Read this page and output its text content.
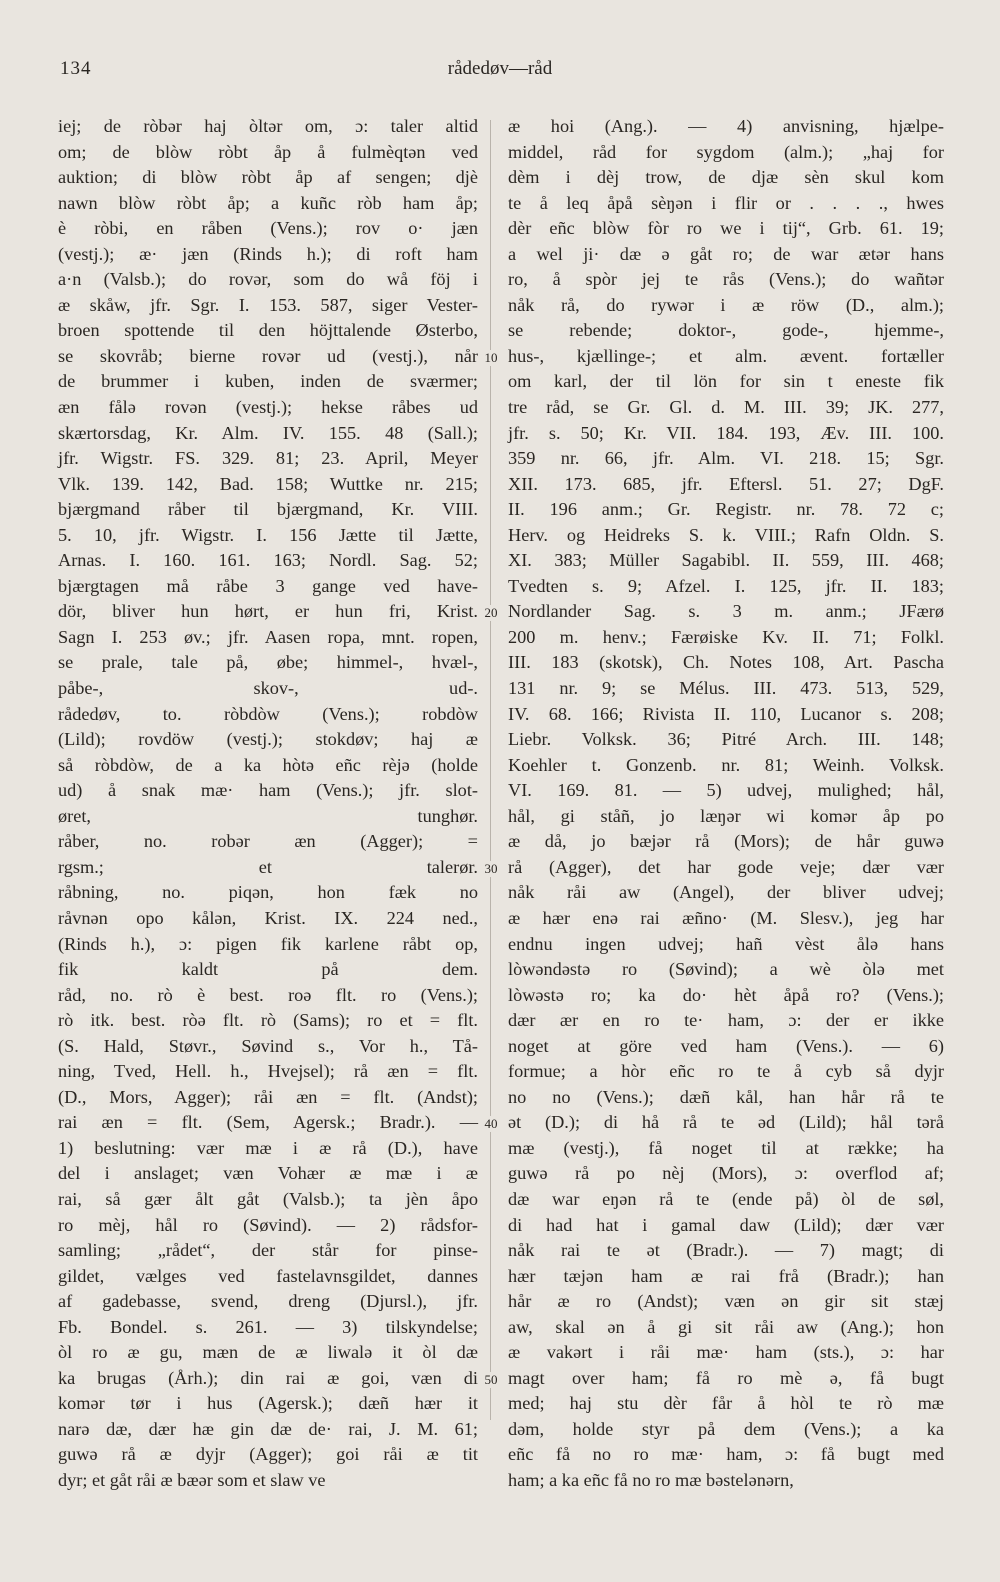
134	rådedøv—råd
iej; de ròbər haj òltər om, ɔ: taler altid
om; de blòw ròbt åp å fulmèqtən ved
auktion; di blòw ròbt åp af sengen; djè
nawn blòw ròbt åp; a kuñc ròb ham åp;
è ròbi, en råben (Vens.); rov o· jæn
(vestj.); æ· jæn (Rinds h.); di roft ham
a·n (Valsb.); do rovər, som do wå föj i
æ skåw, jfr. Sgr. I. 153. 587, siger Vester-
broen spottende til den höjttalende Østerbo,
se skovråb; bierne rovər ud (vestj.), når
de brummer i kuben, inden de sværmer;
æn fålə rovən (vestj.); hekse råbes ud
skærtorsdag, Kr. Alm. IV. 155. 48 (Sall.);
jfr. Wigstr. FS. 329. 81; 23. April, Meyer
Vlk. 139. 142, Bad. 158; Wuttke nr. 215;
bjærgmand råber til bjærgmand, Kr. VIII.
5. 10, jfr. Wigstr. I. 156 Jætte til Jætte,
Arnas. I. 160. 161. 163; Nordl. Sag. 52;
bjærgtagen må råbe 3 gange ved have-
dör, bliver hun hørt, er hun fri, Krist.
Sagn I. 253 øv.; jfr. Aasen ropa, mnt. ropen,
se prale, tale på, øbe; himmel-, hvæl-,
påbe-, skov-, ud-.
rådedøv, to. ròbdòw (Vens.); robdòw
(Lild); rovdöw (vestj.); stokdøv; haj æ
så ròbdòw, de a ka hòtə eñc rèjə (holde
ud) å snak mæ· ham (Vens.); jfr. slot-
øret, tunghør.
råber, no. robər æn (Agger); =
rgsm.; et talerør.
råbning, no. piqən, hon fæk no
råvnən opo kålən, Krist. IX. 224 ned.,
(Rinds h.), ɔ: pigen fik karlene råbt op,
fik kaldt på dem.
råd, no. rò è best. roə flt. ro (Vens.);
rò itk. best. ròə flt. rò (Sams); ro et = flt.
(S. Hald, Støvr., Søvind s., Vor h., Tå-
ning, Tved, Hell. h., Hvejsel); rå æn = flt.
(D., Mors, Agger); råi æn = flt. (Andst);
rai æn = flt. (Sem, Agersk.; Bradr.). —
1) beslutning: vær mæ i æ rå (D.), have
del i anslaget; væn Vohær æ mæ i æ
rai, så gær ålt gåt (Valsb.); ta jèn åpo
ro mèj, hål ro (Søvind). — 2) rådsfor-
samling; „rådet“, der står for pinse-
gildet, vælges ved fastelavnsgildet, dannes
af gadebasse, svend, dreng (Djursl.), jfr.
Fb. Bondel. s. 261. — 3) tilskyndelse;
òl ro æ gu, mæn de æ liwalə it òl dæ
ka brugas (Årh.); din rai æ goi, væn di
komər tør i hus (Agersk.); dæñ hær it
narə dæ, dær hæ gin dæ de· rai, J. M. 61;
guwə rå æ dyjr (Agger); goi råi æ tit
dyr; et gåt råi æ bæər som et slaw ve
æ hoi (Ang.). — 4) anvisning, hjælpe-
middel, råd for sygdom (alm.); „haj for
dèm i dèj trow, de djæ sèn skul kom
te å leq åpå sèŋən i flir or . . . ., hwes
dèr eñc blòw fòr ro we i tij“, Grb. 61. 19;
a wel ji· dæ ə gåt ro; de war ætər hans
ro, å spòr jej te rås (Vens.); do wañtər
nåk rå, do rywər i æ röw (D., alm.);
se rebende; doktor-, gode-, hjemme-,
hus-, kjællinge-; et alm. ævent. fortæller
om karl, der til lön for sin t eneste fik
tre råd, se Gr. Gl. d. M. III. 39; JK. 277,
jfr. s. 50; Kr. VII. 184. 193, Æv. III. 100.
359 nr. 66, jfr. Alm. VI. 218. 15; Sgr.
XII. 173. 685, jfr. Eftersl. 51. 27; DgF.
II. 196 anm.; Gr. Registr. nr. 78. 72 c;
Herv. og Heidreks S. k. VIII.; Rafn Oldn. S.
XI. 383; Müller Sagabibl. II. 559, III. 468;
Tvedten s. 9; Afzel. I. 125, jfr. II. 183;
Nordlander Sag. s. 3 m. anm.; JFærø
200 m. henv.; Færøiske Kv. II. 71; Folkl.
III. 183 (skotsk), Ch. Notes 108, Art. Pascha
131 nr. 9; se Mélus. III. 473. 513, 529,
IV. 68. 166; Rivista II. 110, Lucanor s. 208;
Liebr. Volksk. 36; Pitré Arch. III. 148;
Koehler t. Gonzenb. nr. 81; Weinh. Volksk.
VI. 169. 81. — 5) udvej, mulighed; hål,
hål, gi ståñ, jo læŋər wi komər åp po
æ då, jo bæjər rå (Mors); de hår guwə
rå (Agger), det har gode veje; dær vær
nåk råi aw (Angel), der bliver udvej;
æ hær enə rai æñno· (M. Slesv.), jeg har
endnu ingen udvej; hañ vèst ålə hans
lòwəndəstə ro (Søvind); a wè òlə met
lòwəstə ro; ka do· hèt åpå ro? (Vens.);
dær ær en ro te· ham, ɔ: der er ikke
noget at göre ved ham (Vens.). — 6)
formue; a hòr eñc ro te å cyb så dyjr
no no (Vens.); dæñ kål, han hår rå te
ət (D.); di hå rå te əd (Lild); hål tərå
mæ (vestj.), få noget til at række; ha
guwə rå po nèj (Mors), ɔ: overflod af;
dæ war eŋən rå te (ende på) òl de søl,
di had hat i gamal daw (Lild); dær vær
nåk rai te ət (Bradr.). — 7) magt; di
hær tæjən ham æ rai frå (Bradr.); han
hår æ ro (Andst); væn ən gir sit stæj
aw, skal ən å gi sit råi aw (Ang.); hon
æ vakərt i råi mæ· ham (sts.), ɔ: har
magt over ham; få ro mè ə, få bugt
med; haj stu dèr får å hòl te rò mæ
dəm, holde styr på dem (Vens.); a ka
eñc få no ro mæ· ham, ɔ: få bugt med
ham; a ka eñc få no ro mæ bəstelənərn,
10
20
30
40
50
